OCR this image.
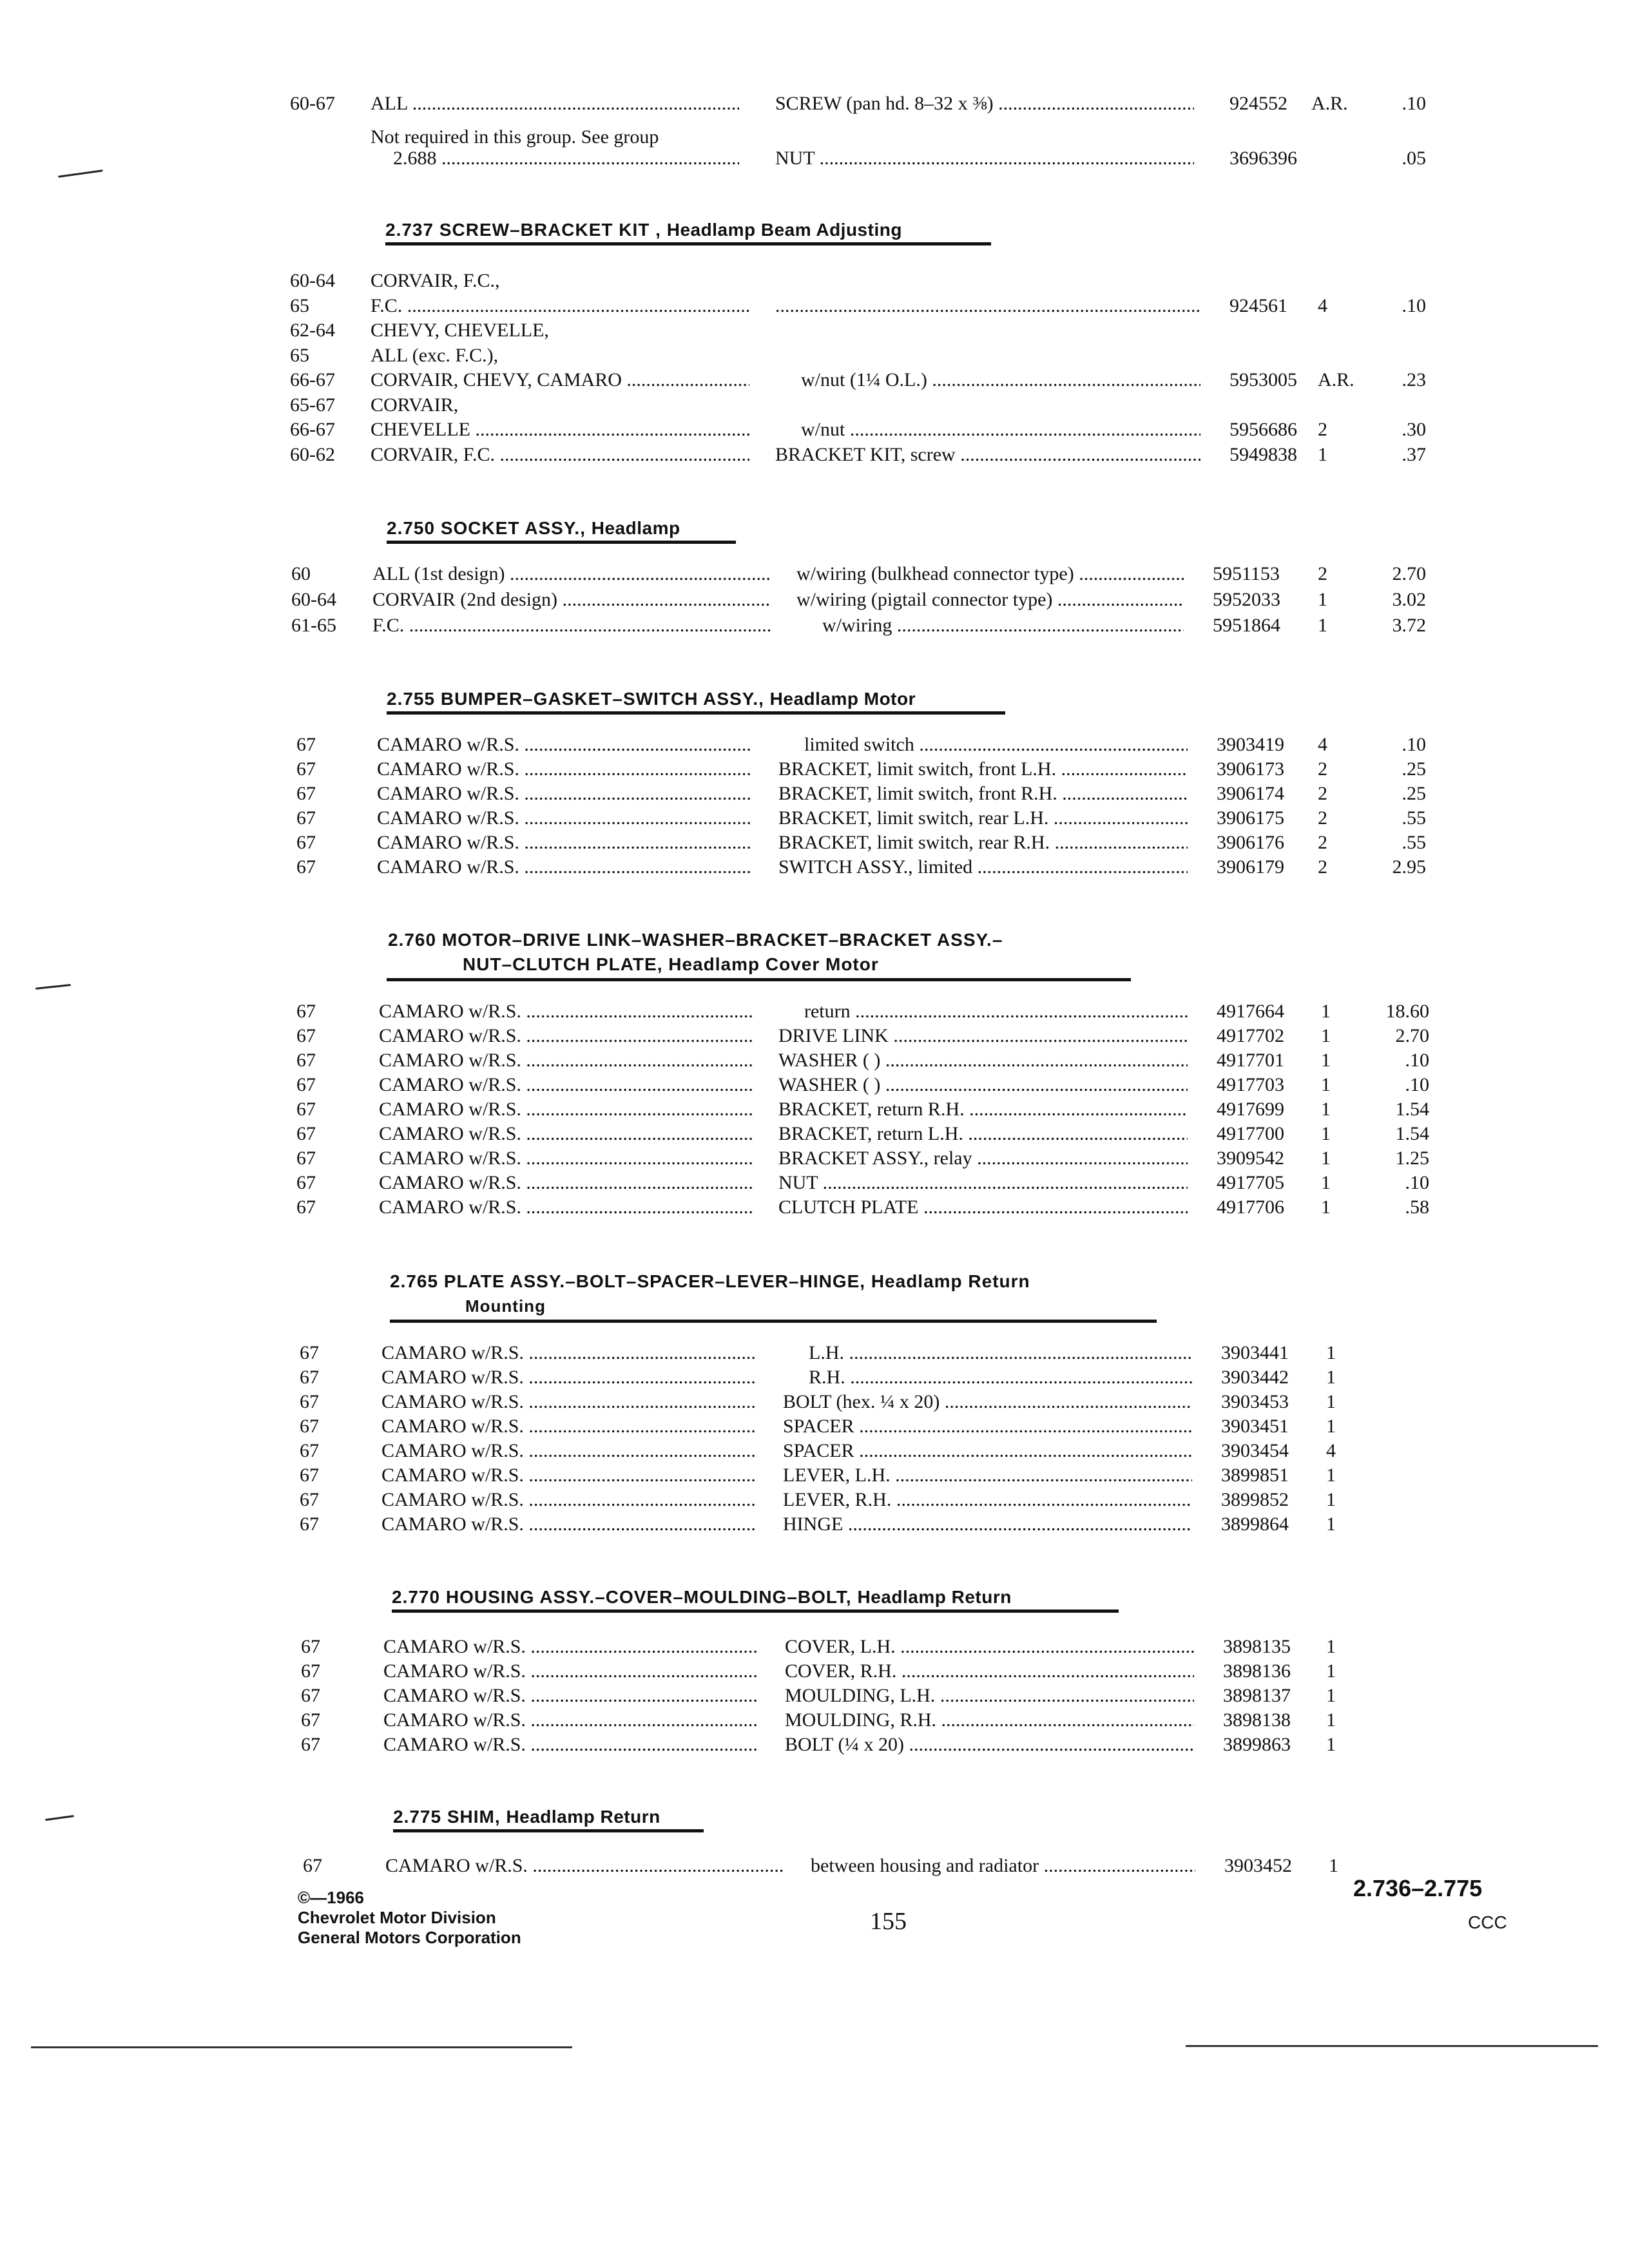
60-67 ALL .....	SCREW (pan hd. 8–32 x ⅜) .....	924552 A.R.	.10
Not required in this group. See group
2.688 .....	NUT .....	3696396	.05
2.737 SCREW–BRACKET KIT , Headlamp Beam Adjusting
60-64 CORVAIR, F.C.,
65	F.C. .....
.....	924561 4	.10
62-64 CHEVY, CHEVELLE,
65	ALL (exc. F.C.),
66-67 CORVAIR, CHEVY, CAMARO .....	w/nut (1¼ O.L.) .....	5953005 A.R.	.23
65-67 CORVAIR,
66-67 CHEVELLE .....	w/nut .....	5956686 2	.30
60-62 CORVAIR, F.C. .....	BRACKET KIT, screw .....	5949838 1	.37
2.750 SOCKET ASSY., Headlamp
60	ALL (1st design) .....	w/wiring (bulkhead connector type) .....	5951153 2	2.70
60-64 CORVAIR (2nd design) .....	w/wiring (pigtail connector type) .....	5952033 1	3.02
61-65 F.C. .....	w/wiring .....	5951864 1	3.72
2.755 BUMPER–GASKET–SWITCH ASSY., Headlamp Motor
67	CAMARO w/R.S. .....	limited switch .....	3903419 4	.10
67	CAMARO w/R.S. .....	BRACKET, limit switch, front L.H. .....	3906173 2	.25
67	CAMARO w/R.S. .....	BRACKET, limit switch, front R.H. .....	3906174 2	.25
67	CAMARO w/R.S. .....	BRACKET, limit switch, rear L.H. .....	3906175 2	.55
67	CAMARO w/R.S. .....	BRACKET, limit switch, rear R.H. .....	3906176 2	.55
67	CAMARO w/R.S. .....	SWITCH ASSY., limited .....	3906179 2	2.95
2.760 MOTOR–DRIVE LINK–WASHER–BRACKET–BRACKET ASSY.–
NUT–CLUTCH PLATE, Headlamp Cover Motor
67	CAMARO w/R.S. .....	return .....	4917664 1	18.60
67	CAMARO w/R.S. .....	DRIVE LINK .....	4917702 1	2.70
67	CAMARO w/R.S. .....	WASHER ( ) .....	4917701 1	.10
67	CAMARO w/R.S. .....	WASHER ( ) .....	4917703 1	.10
67	CAMARO w/R.S. .....	BRACKET, return R.H. .....	4917699 1	1.54
67	CAMARO w/R.S. .....	BRACKET, return L.H. .....	4917700 1	1.54
67	CAMARO w/R.S. .....	BRACKET ASSY., relay .....	3909542 1	1.25
67	CAMARO w/R.S. .....	NUT .....	4917705 1	.10
67	CAMARO w/R.S. .....	CLUTCH PLATE .....	4917706 1	.58
2.765 PLATE ASSY.–BOLT–SPACER–LEVER–HINGE, Headlamp Return
Mounting
67	CAMARO w/R.S. .....	L.H. .....	3903441 1
67	CAMARO w/R.S. .....	R.H. .....	3903442 1
67	CAMARO w/R.S. .....	BOLT (hex. ¼ x 20) .....	3903453 1
67	CAMARO w/R.S. .....	SPACER .....	3903451 1
67	CAMARO w/R.S. .....	SPACER .....	3903454 4
67	CAMARO w/R.S. .....	LEVER, L.H. .....	3899851 1
67	CAMARO w/R.S. .....	LEVER, R.H. .....	3899852 1
67	CAMARO w/R.S. .....	HINGE .....	3899864 1
2.770 HOUSING ASSY.–COVER–MOULDING–BOLT, Headlamp Return
67	CAMARO w/R.S. .....	COVER, L.H. .....	3898135 1
67	CAMARO w/R.S. .....	COVER, R.H. .....	3898136 1
67	CAMARO w/R.S. .....	MOULDING, L.H. .....	3898137 1
67	CAMARO w/R.S. .....	MOULDING, R.H. .....	3898138 1
67	CAMARO w/R.S. .....	BOLT (¼ x 20) .....	3899863 1
2.775 SHIM, Headlamp Return
67	CAMARO w/R.S. .....	between housing and radiator .....	3903452 1
©—1966
Chevrolet Motor Division
General Motors Corporation
155
2.736–2.775
CCC
